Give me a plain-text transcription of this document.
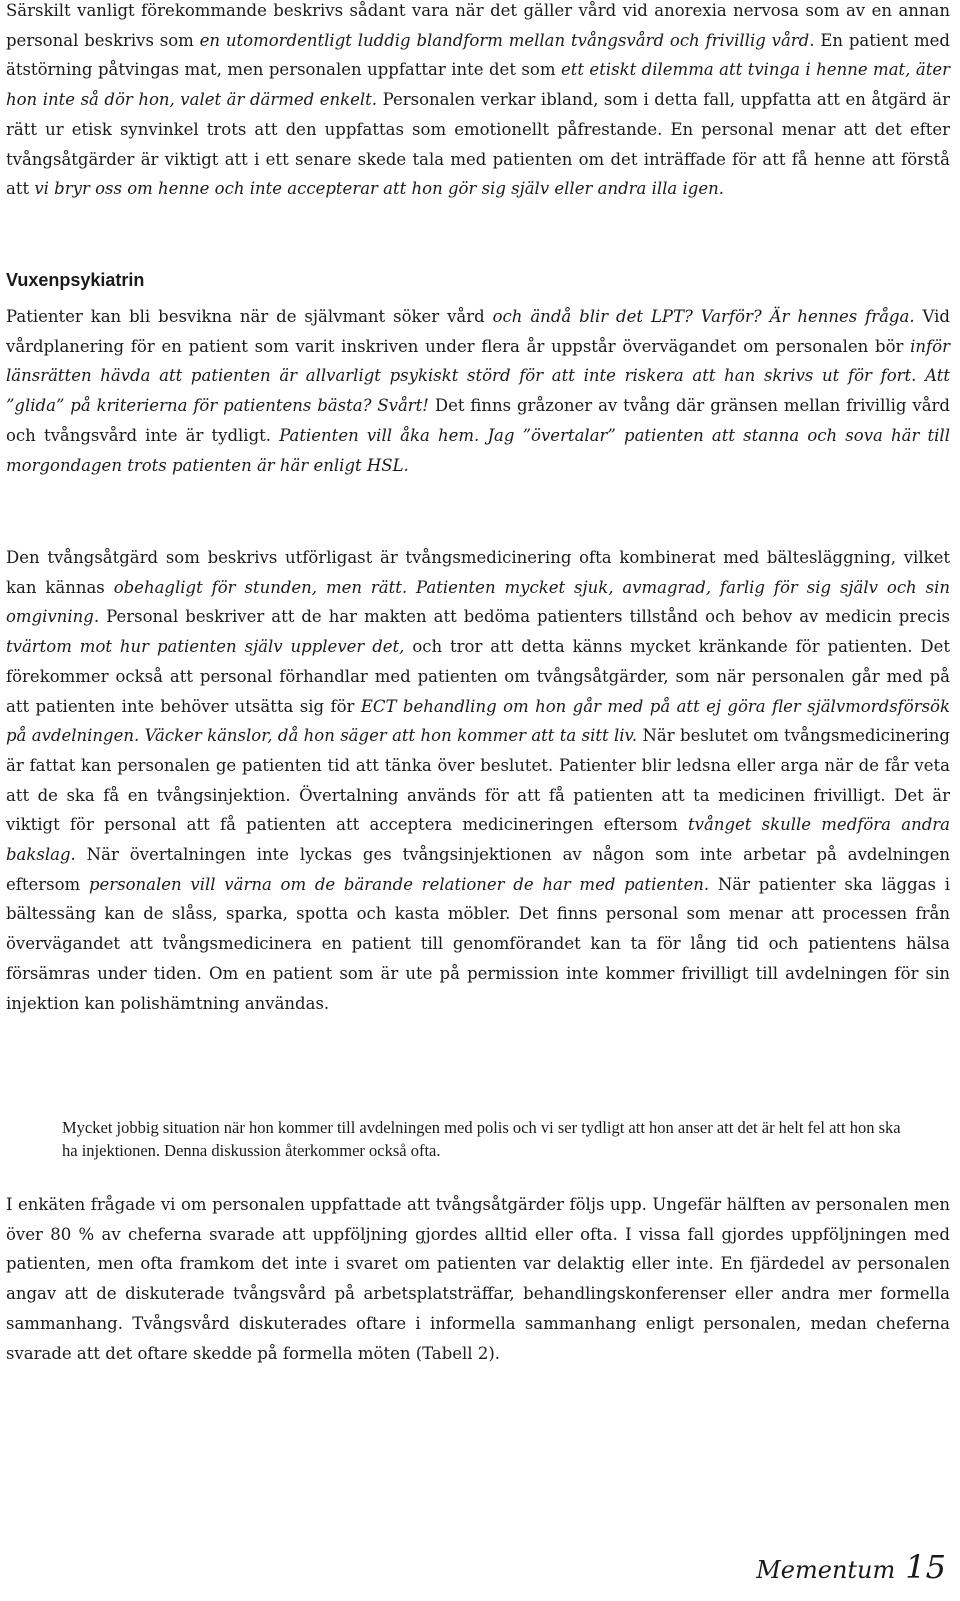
Särskilt vanligt förekommande beskrivs sådant vara när det gäller vård vid anorexia nervosa som av en annan personal beskrivs som en utomordentligt luddig blandform mellan tvångsvård och frivillig vård. En patient med ätstörning påtvingas mat, men personalen uppfattar inte det som ett etiskt dilemma att tvinga i henne mat, äter hon inte så dör hon, valet är därmed enkelt. Personalen verkar ibland, som i detta fall, uppfatta att en åtgärd är rätt ur etisk synvinkel trots att den uppfattas som emotionellt påfrestande. En personal menar att det efter tvångsåtgärder är viktigt att i ett senare skede tala med patienten om det inträffade för att få henne att förstå att vi bryr oss om henne och inte accepterar att hon gör sig själv eller andra illa igen.

Vuxenpsykiatrin

Patienter kan bli besvikna när de självmant söker vård och ändå blir det LPT? Varför? Är hennes fråga. Vid vårdplanering för en patient som varit inskriven under flera år uppstår övervägandet om personalen bör inför länsrätten hävda att patienten är allvarligt psykiskt störd för att inte riskera att han skrivs ut för fort. Att ”glida” på kriterierna för patientens bästa? Svårt! Det finns gråzoner av tvång där gränsen mellan frivillig vård och tvångsvård inte är tydligt. Patienten vill åka hem. Jag ”övertalar” patienten att stanna och sova här till morgondagen trots patienten är här enligt HSL.

Den tvångsåtgärd som beskrivs utförligast är tvångsmedicinering ofta kombinerat med bältesläggning, vilket kan kännas obehagligt för stunden, men rätt. Patienten mycket sjuk, avmagrad, farlig för sig själv och sin omgivning. Personal beskriver att de har makten att bedöma patienters tillstånd och behov av medicin precis tvärtom mot hur patienten själv upplever det, och tror att detta känns mycket kränkande för patienten. Det förekommer också att personal förhandlar med patienten om tvångsåtgärder, som när personalen går med på att patienten inte behöver utsätta sig för ECT behandling om hon går med på att ej göra fler självmordsförsök på avdelningen. Väcker känslor, då hon säger att hon kommer att ta sitt liv. När beslutet om tvångsmedicinering är fattat kan personalen ge patienten tid att tänka över beslutet. Patienter blir ledsna eller arga när de får veta att de ska få en tvångsinjektion. Övertalning används för att få patienten att ta medicinen frivilligt. Det är viktigt för personal att få patienten att acceptera medicineringen eftersom tvånget skulle medföra andra bakslag. När övertalningen inte lyckas ges tvångsinjektionen av någon som inte arbetar på avdelningen eftersom personalen vill värna om de bärande relationer de har med patienten. När patienter ska läggas i bältessäng kan de slåss, sparka, spotta och kasta möbler. Det finns personal som menar att processen från övervägandet att tvångsmedicinera en patient till genomförandet kan ta för lång tid och patientens hälsa försämras under tiden. Om en patient som är ute på permission inte kommer frivilligt till avdelningen för sin injektion kan polishämtning användas.

Mycket jobbig situation när hon kommer till avdelningen med polis och vi ser tydligt att hon anser att det är helt fel att hon ska ha injektionen. Denna diskussion återkommer också ofta.

I enkäten frågade vi om personalen uppfattade att tvångsåtgärder följs upp. Ungefär hälften av personalen men över 80 % av cheferna svarade att uppföljning gjordes alltid eller ofta. I vissa fall gjordes uppföljningen med patienten, men ofta framkom det inte i svaret om patienten var delaktig eller inte. En fjärdedel av personalen angav att de diskuterade tvångsvård på arbetsplatsträffar, behandlingskonferenser eller andra mer formella sammanhang. Tvångsvård diskuterades oftare i informella sammanhang enligt personalen, medan cheferna svarade att det oftare skedde på formella möten (Tabell 2).

Mementum 15
